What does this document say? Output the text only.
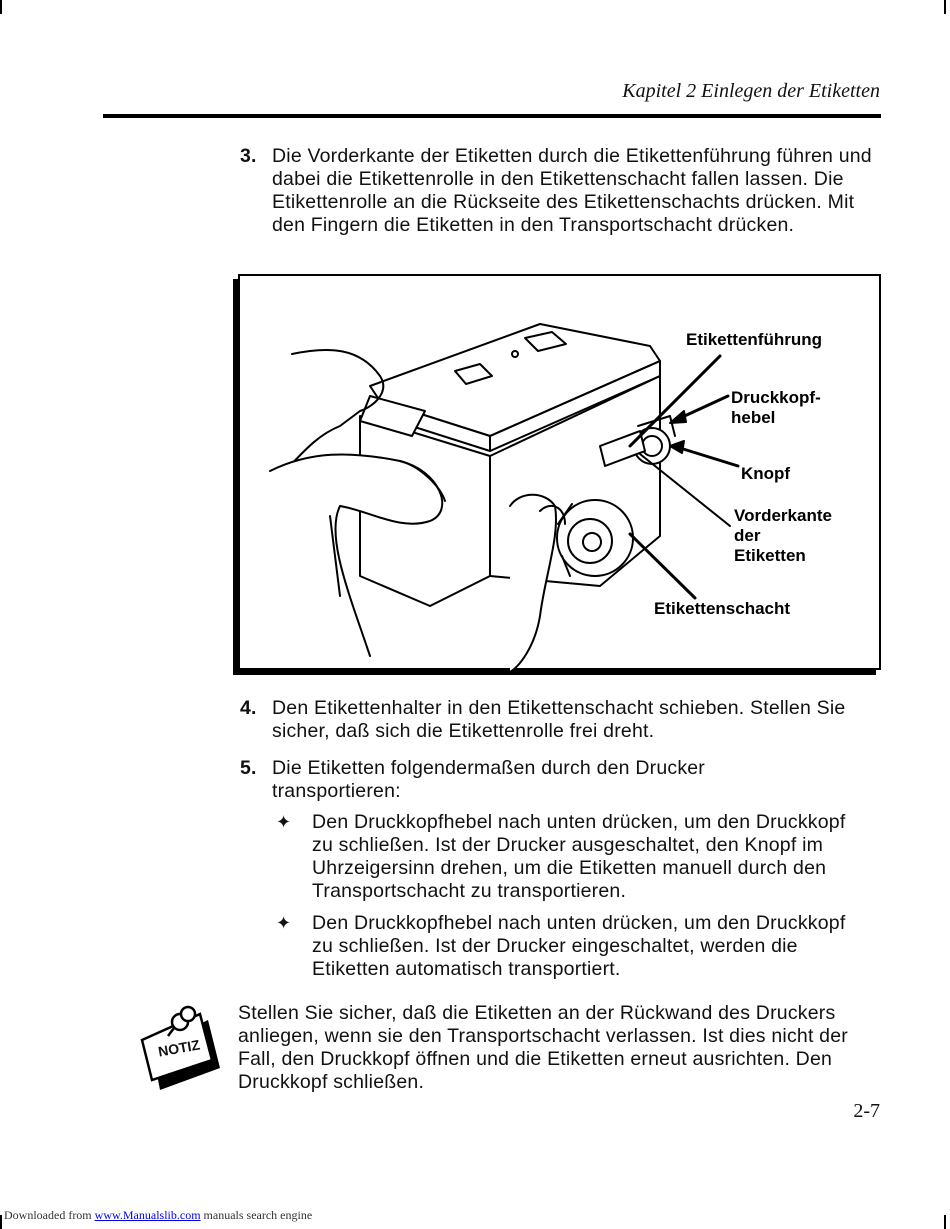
Kapitel 2 Einlegen der Etiketten
3. Die Vorderkante der Etiketten durch die Etikettenführung führen und dabei die Etikettenrolle in den Etikettenschacht fallen lassen. Die Etikettenrolle an die Rückseite des Etikettenschachts drücken. Mit den Fingern die Etiketten in den Transportschacht drücken.
Etikettenführung
Druckkopf-
hebel
Knopf
Vorderkante
der
Etiketten
Etikettenschacht
4. Den Etikettenhalter in den Etikettenschacht schieben. Stellen Sie sicher, daß sich die Etikettenrolle frei dreht.
5. Die Etiketten folgendermaßen durch den Drucker transportieren:
✦ Den Druckkopfhebel nach unten drücken, um den Druckkopf zu schließen. Ist der Drucker ausgeschaltet, den Knopf im Uhrzeigersinn drehen, um die Etiketten manuell durch den Transportschacht zu transportieren.
✦ Den Druckkopfhebel nach unten drücken, um den Druckkopf zu schließen. Ist der Drucker eingeschaltet, werden die Etiketten automatisch transportiert.
NOTIZ
Stellen Sie sicher, daß die Etiketten an der Rückwand des Druckers anliegen, wenn sie den Transportschacht verlassen. Ist dies nicht der Fall, den Druckkopf öffnen und die Etiketten erneut ausrichten. Den Druckkopf schließen.
2-7
Downloaded from www.Manualslib.com manuals search engine
